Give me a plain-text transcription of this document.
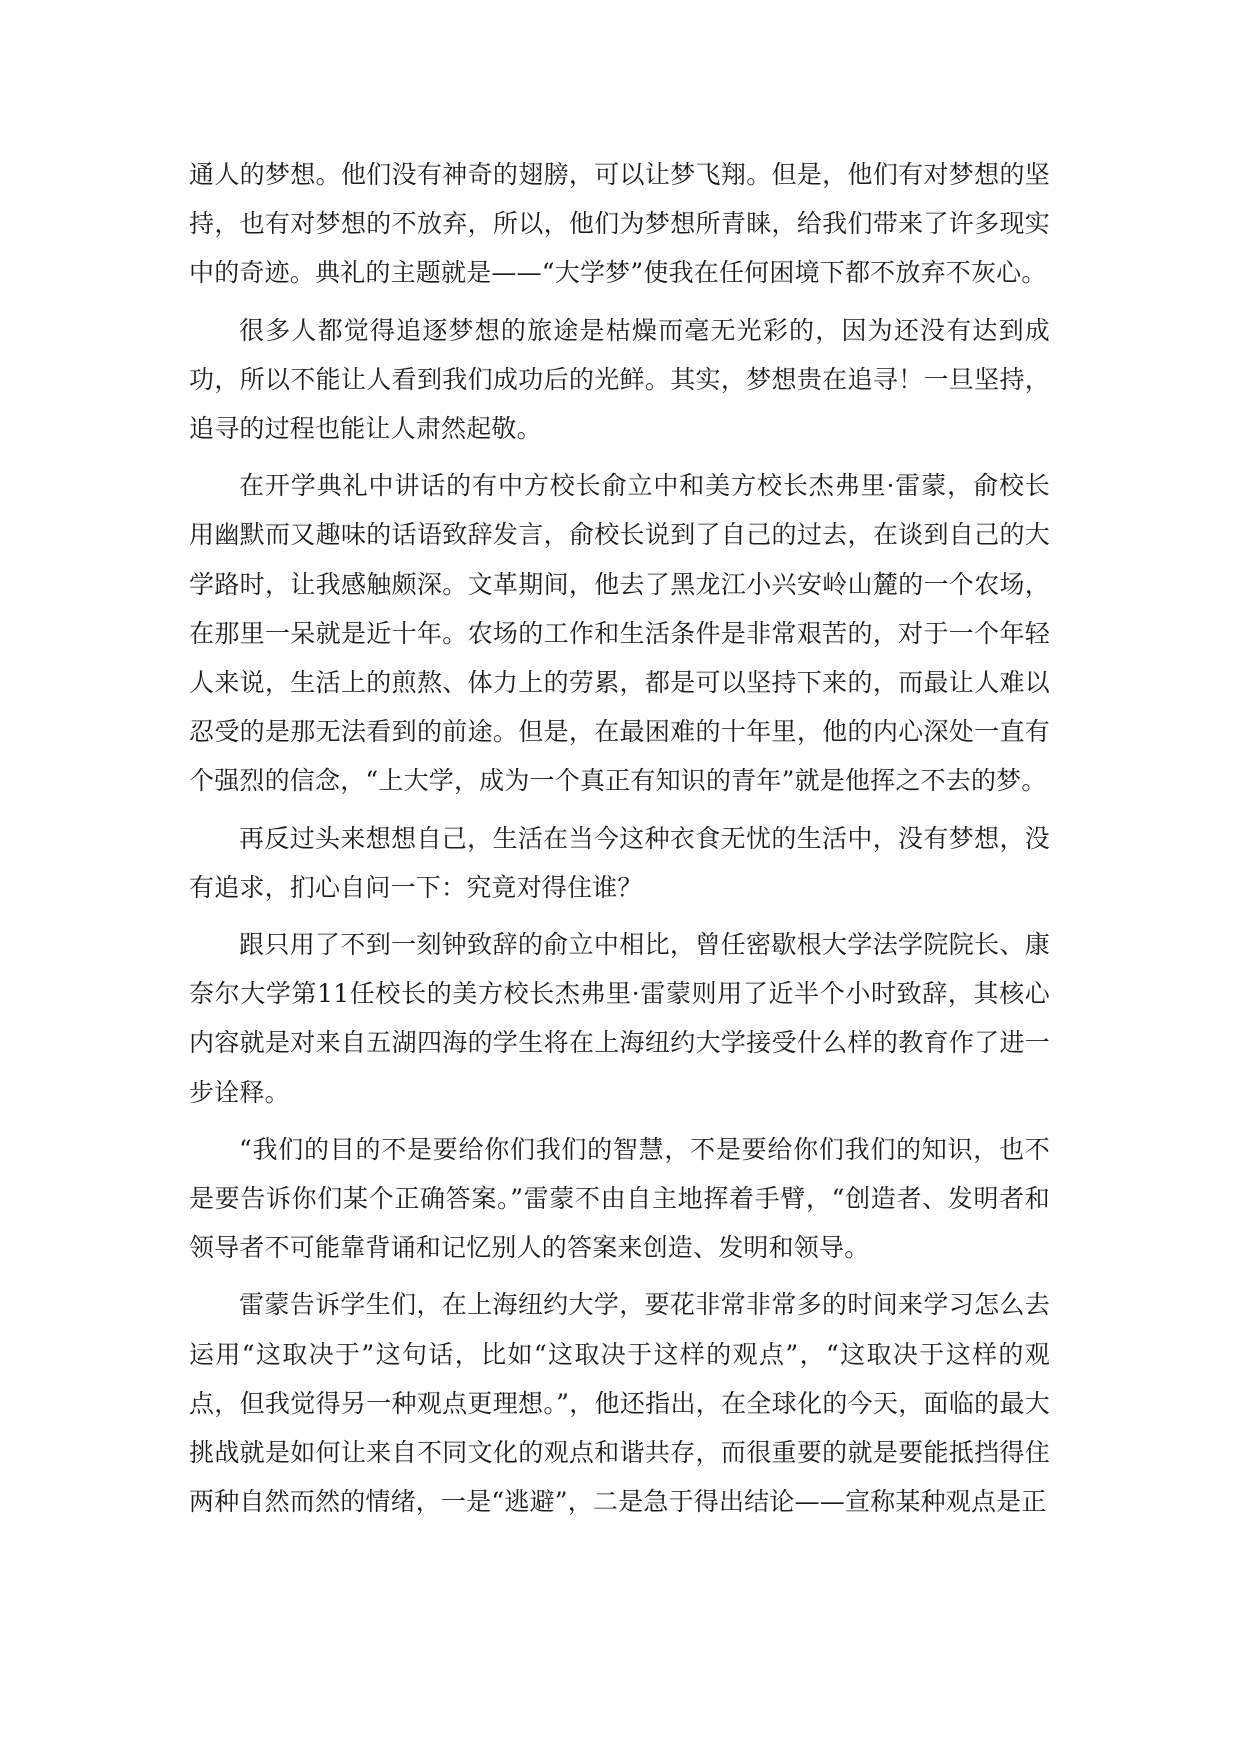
通人的梦想。他们没有神奇的翅膀，可以让梦飞翔。但是，他们有对梦想的坚持，也有对梦想的不放弃，所以，他们为梦想所青睐，给我们带来了许多现实中的奇迹。典礼的主题就是——“大学梦”使我在任何困境下都不放弃不灰心。

很多人都觉得追逐梦想的旅途是枯燥而毫无光彩的，因为还没有达到成功，所以不能让人看到我们成功后的光鲜。其实，梦想贵在追寻！一旦坚持，追寻的过程也能让人肃然起敬。

在开学典礼中讲话的有中方校长俞立中和美方校长杰弗里·雷蒙，俞校长用幽默而又趣味的话语致辞发言，俞校长说到了自己的过去，在谈到自己的大学路时，让我感触颇深。文革期间，他去了黑龙江小兴安岭山麓的一个农场，在那里一呆就是近十年。农场的工作和生活条件是非常艰苦的，对于一个年轻人来说，生活上的煎熬、体力上的劳累，都是可以坚持下来的，而最让人难以忍受的是那无法看到的前途。但是，在最困难的十年里，他的内心深处一直有个强烈的信念，“上大学，成为一个真正有知识的青年”就是他挥之不去的梦。

再反过头来想想自己，生活在当今这种衣食无忧的生活中，没有梦想，没有追求，扪心自问一下：究竟对得住谁？

跟只用了不到一刻钟致辞的俞立中相比，曾任密歇根大学法学院院长、康奈尔大学第11任校长的美方校长杰弗里·雷蒙则用了近半个小时致辞，其核心内容就是对来自五湖四海的学生将在上海纽约大学接受什么样的教育作了进一步诠释。

“我们的目的不是要给你们我们的智慧，不是要给你们我们的知识，也不是要告诉你们某个正确答案。”雷蒙不由自主地挥着手臂，“创造者、发明者和领导者不可能靠背诵和记忆别人的答案来创造、发明和领导。

雷蒙告诉学生们，在上海纽约大学，要花非常非常多的时间来学习怎么去运用“这取决于”这句话，比如“这取决于这样的观点”，“这取决于这样的观点，但我觉得另一种观点更理想。”，他还指出，在全球化的今天，面临的最大挑战就是如何让来自不同文化的观点和谐共存，而很重要的就是要能抵挡得住两种自然而然的情绪，一是“逃避”，二是急于得出结论——宣称某种观点是正
